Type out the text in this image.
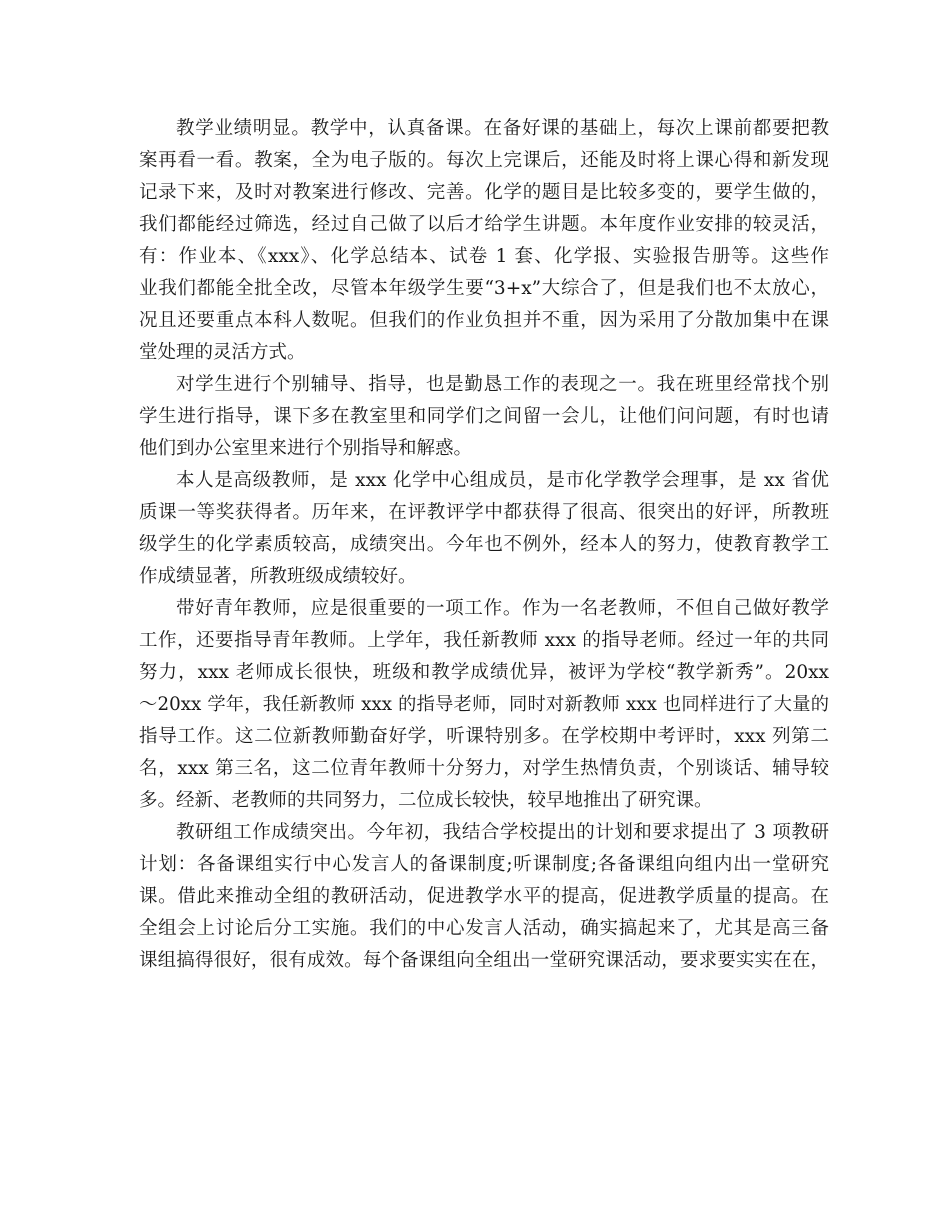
教学业绩明显。教学中，认真备课。在备好课的基础上，每次上课前都要把教
案再看一看。教案，全为电子版的。每次上完课后，还能及时将上课心得和新发现
记录下来，及时对教案进行修改、完善。化学的题目是比较多变的，要学生做的，
我们都能经过筛选，经过自己做了以后才给学生讲题。本年度作业安排的较灵活，
有：作业本、《xxx》、化学总结本、试卷 1 套、化学报、实验报告册等。这些作
业我们都能全批全改，尽管本年级学生要“3+x”大综合了，但是我们也不太放心，
况且还要重点本科人数呢。但我们的作业负担并不重，因为采用了分散加集中在课
堂处理的灵活方式。
对学生进行个别辅导、指导，也是勤恳工作的表现之一。我在班里经常找个别
学生进行指导，课下多在教室里和同学们之间留一会儿，让他们问问题，有时也请
他们到办公室里来进行个别指导和解惑。
本人是高级教师，是 xxx 化学中心组成员，是市化学教学会理事，是 xx 省优
质课一等奖获得者。历年来，在评教评学中都获得了很高、很突出的好评，所教班
级学生的化学素质较高，成绩突出。今年也不例外，经本人的努力，使教育教学工
作成绩显著，所教班级成绩较好。
带好青年教师，应是很重要的一项工作。作为一名老教师，不但自己做好教学
工作，还要指导青年教师。上学年，我任新教师 xxx 的指导老师。经过一年的共同
努力，xxx 老师成长很快，班级和教学成绩优异，被评为学校“教学新秀”。20xx
～20xx 学年，我任新教师 xxx 的指导老师，同时对新教师 xxx 也同样进行了大量的
指导工作。这二位新教师勤奋好学，听课特别多。在学校期中考评时，xxx 列第二
名，xxx 第三名，这二位青年教师十分努力，对学生热情负责，个别谈话、辅导较
多。经新、老教师的共同努力，二位成长较快，较早地推出了研究课。
教研组工作成绩突出。今年初，我结合学校提出的计划和要求提出了 3 项教研
计划：各备课组实行中心发言人的备课制度;听课制度;各备课组向组内出一堂研究
课。借此来推动全组的教研活动，促进教学水平的提高，促进教学质量的提高。在
全组会上讨论后分工实施。我们的中心发言人活动，确实搞起来了，尤其是高三备
课组搞得很好，很有成效。每个备课组向全组出一堂研究课活动，要求要实实在在，
